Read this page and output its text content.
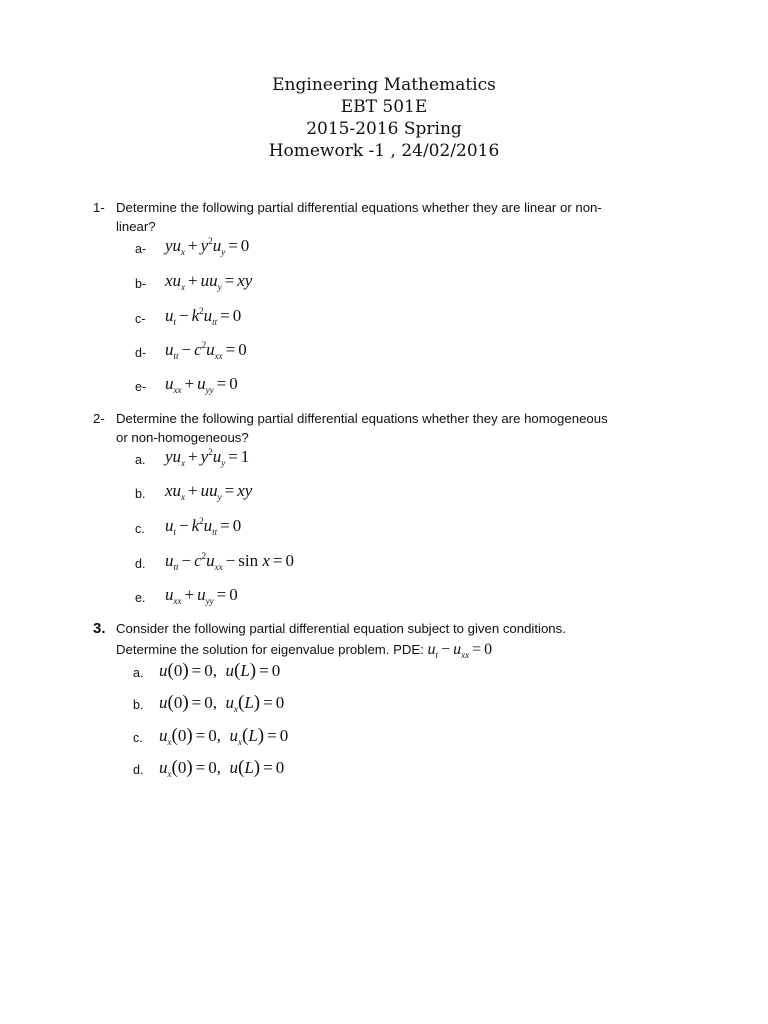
Engineering Mathematics
EBT 501E
2015-2016 Spring
Homework -1 , 24/02/2016
1- Determine the following partial differential equations whether they are linear or non-
linear?
a- $yu_x + y^2u_y = 0$
b- $xu_x + uu_y$ = xy
c- $u_t - k^2u_{tt} = 0$
d- $u_{tt} - c^2u_{xx} = 0$
e- $u_{xx} + u_{yy} = 0$
2- Determine the following partial differential equations whether they are homogeneous
or non-homogeneous?
a. $yu_x + y^2u_y = 1$
b. $xu_x + uu_y$ = xy
c. $u_t - k^2u_{tt} = 0$
d. $u_{tt} - c^2u_{xx} - \sin x = 0$
e. $u_{xx} + u_{yy} = 0$
3. Consider the following partial differential equation subject to given conditions.
Determine the solution for eigenvalue problem. PDE: $u_t - u_{xx} = 0$
a. u(0) = 0,  u(L) = 0
b. u(0) = 0,  $u_x(L) = 0$
c. $u_x(0) = 0$,  $u_x(L) = 0$
d. $u_x(0) = 0$,  u(L) = 0
